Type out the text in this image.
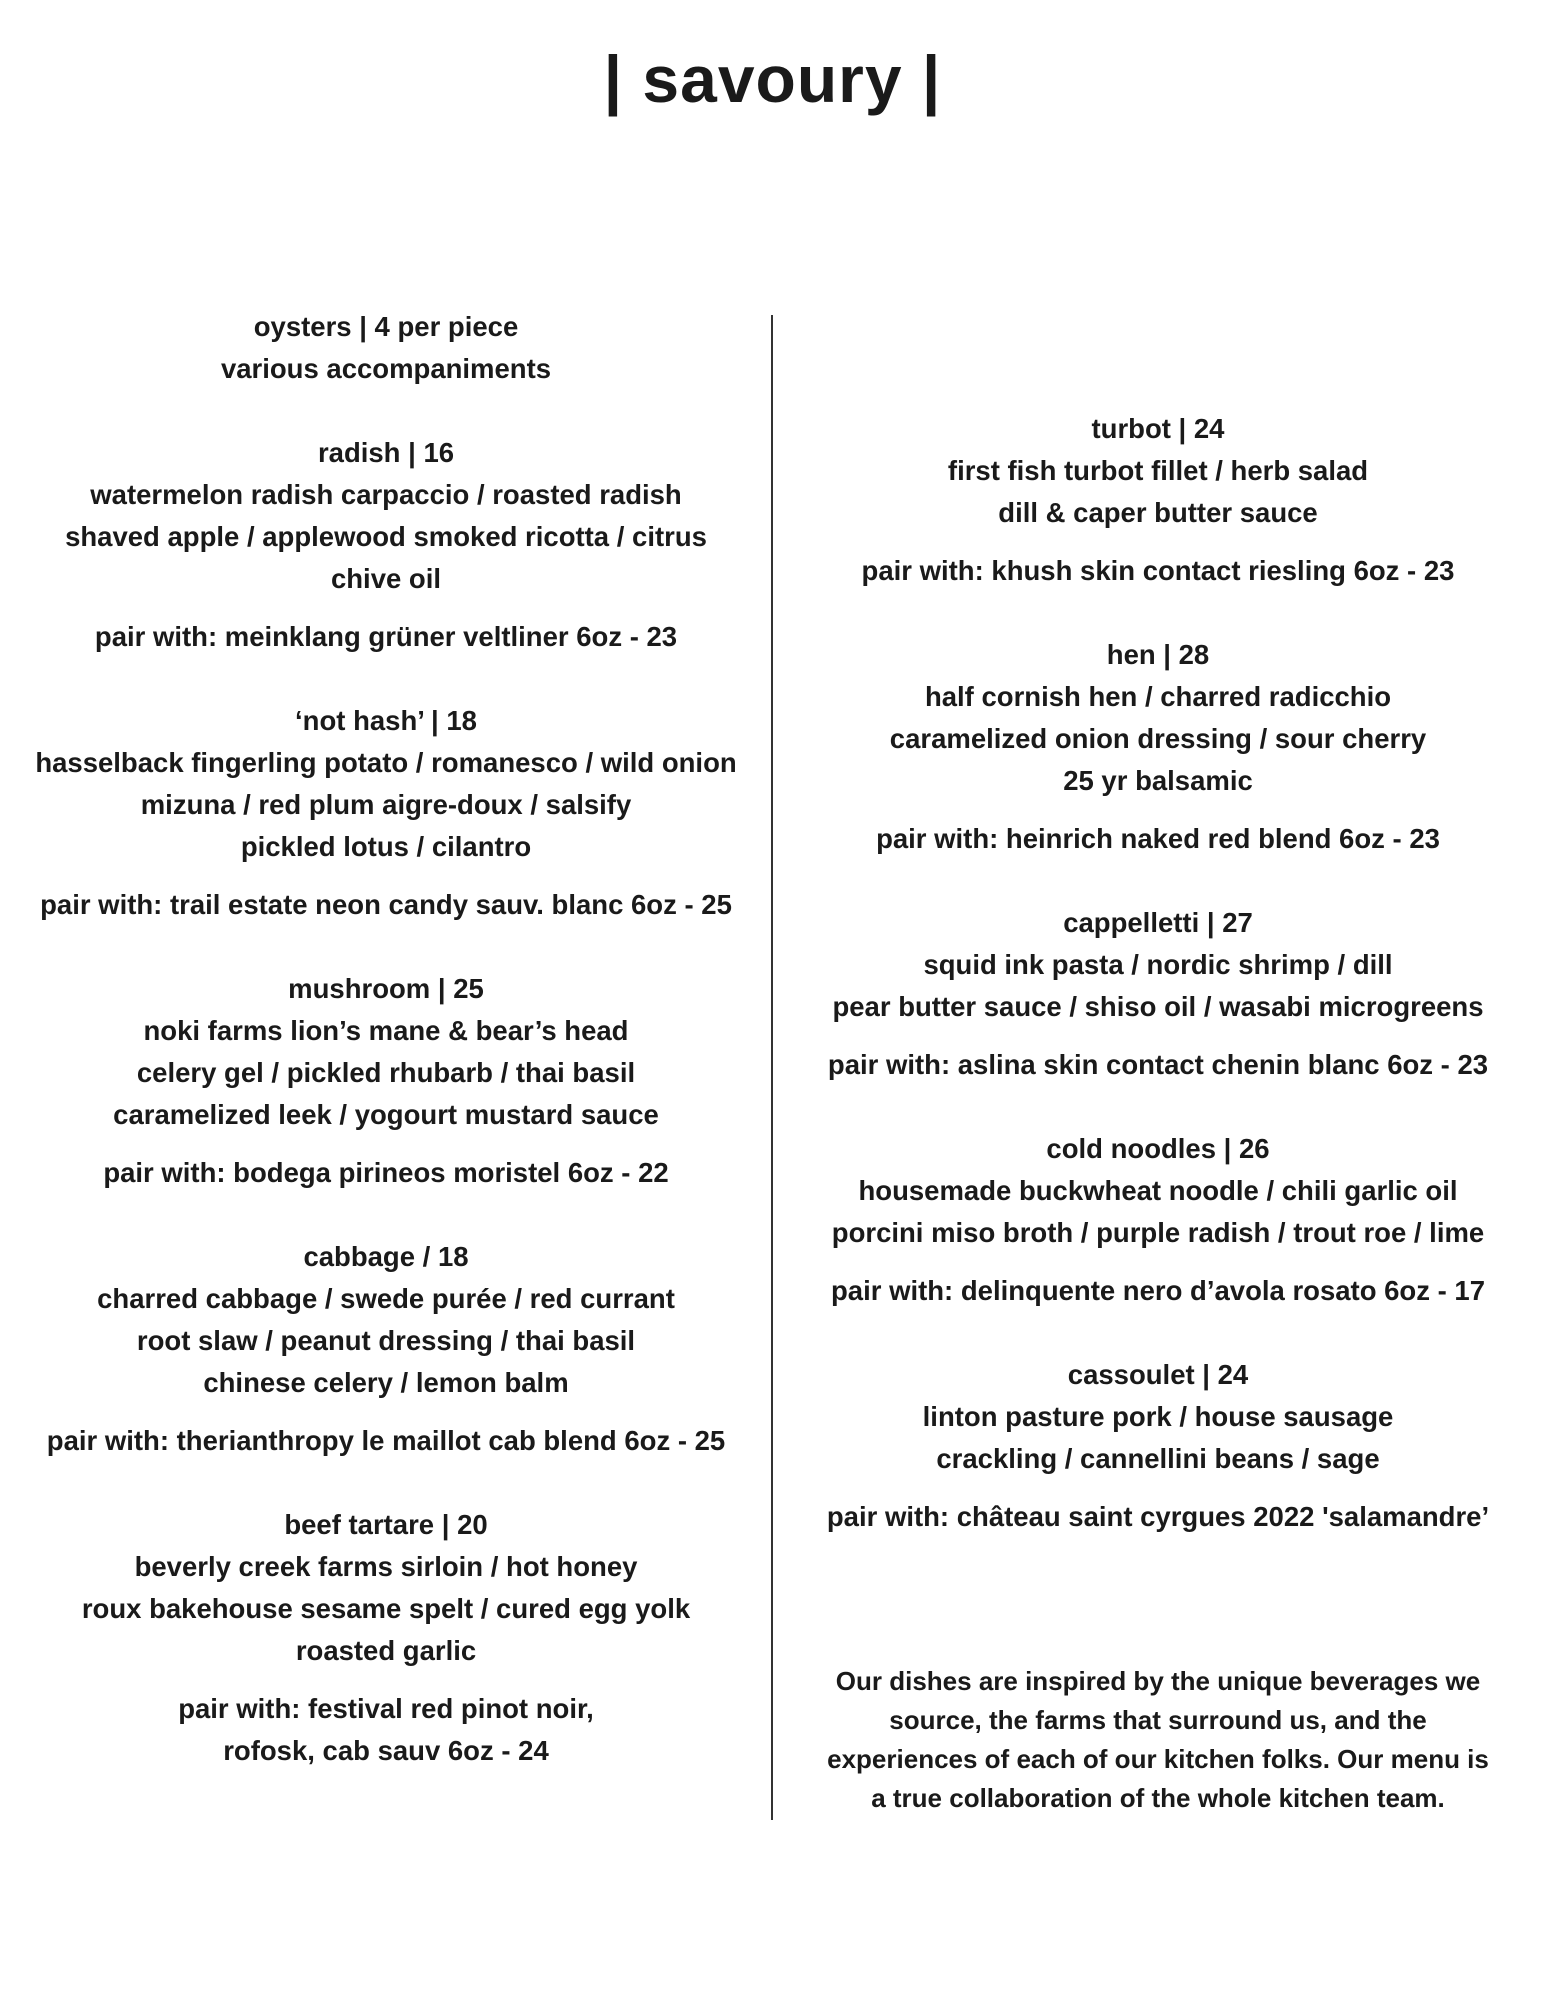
| savoury |
oysters | 4 per piece
various accompaniments
radish | 16
watermelon radish carpaccio / roasted radish
shaved apple / applewood smoked ricotta / citrus
chive oil
pair with: meinklang grüner veltliner 6oz - 23
‘not hash’ | 18
hasselback fingerling potato / romanesco / wild onion
mizuna / red plum aigre-doux / salsify
pickled lotus / cilantro
pair with: trail estate neon candy sauv. blanc 6oz - 25
mushroom | 25
noki farms lion’s mane & bear’s head
celery gel / pickled rhubarb / thai basil
caramelized leek / yogourt mustard sauce
pair with: bodega pirineos moristel 6oz - 22
cabbage / 18
charred cabbage / swede purée / red currant
root slaw / peanut dressing / thai basil
chinese celery / lemon balm
pair with: therianthropy le maillot cab blend 6oz - 25
beef tartare | 20
beverly creek farms sirloin / hot honey
roux bakehouse sesame spelt / cured egg yolk
roasted garlic
pair with: festival red pinot noir,
rofosk, cab sauv 6oz - 24
turbot | 24
first fish turbot fillet / herb salad
dill & caper butter sauce
pair with: khush skin contact riesling 6oz - 23
hen | 28
half cornish hen / charred radicchio
caramelized onion dressing / sour cherry
25 yr balsamic
pair with: heinrich naked red blend 6oz - 23
cappelletti | 27
squid ink pasta / nordic shrimp / dill
pear butter sauce / shiso oil / wasabi microgreens
pair with: aslina skin contact chenin blanc 6oz - 23
cold noodles | 26
housemade buckwheat noodle / chili garlic oil
porcini miso broth / purple radish / trout roe / lime
pair with: delinquente nero d’avola rosato 6oz - 17
cassoulet | 24
linton pasture pork / house sausage
crackling / cannellini beans / sage
pair with: château saint cyrgues 2022 'salamandre’
Our dishes are inspired by the unique beverages we source, the farms that surround us, and the experiences of each of our kitchen folks. Our menu is a true collaboration of the whole kitchen team.
